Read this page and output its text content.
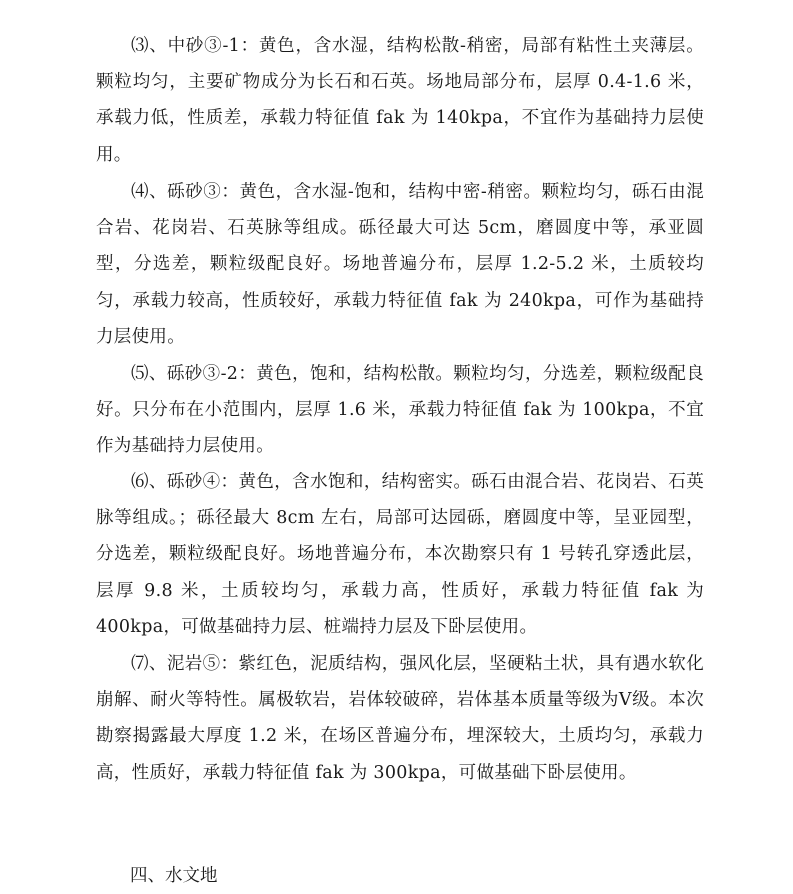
⑶、中砂③-1：黄色，含水湿，结构松散-稍密，局部有粘性土夹薄层。颗粒均匀，主要矿物成分为长石和石英。场地局部分布，层厚 0.4-1.6 米，承载力低，性质差，承载力特征值 fak 为 140kpa，不宜作为基础持力层使用。

⑷、砾砂③：黄色，含水湿-饱和，结构中密-稍密。颗粒均匀，砾石由混合岩、花岗岩、石英脉等组成。砾径最大可达 5cm，磨圆度中等，承亚圆型，分选差，颗粒级配良好。场地普遍分布，层厚 1.2-5.2 米，土质较均匀，承载力较高，性质较好，承载力特征值 fak 为 240kpa，可作为基础持力层使用。

⑸、砾砂③-2：黄色，饱和，结构松散。颗粒均匀，分选差，颗粒级配良好。只分布在小范围内，层厚 1.6 米，承载力特征值 fak 为 100kpa，不宜作为基础持力层使用。

⑹、砾砂④：黄色，含水饱和，结构密实。砾石由混合岩、花岗岩、石英脉等组成。；砾径最大 8cm 左右，局部可达园砾，磨圆度中等，呈亚园型，分选差，颗粒级配良好。场地普遍分布，本次勘察只有 1 号转孔穿透此层，层厚 9.8 米，土质较均匀，承载力高，性质好，承载力特征值 fak 为 400kpa，可做基础持力层、桩端持力层及下卧层使用。

⑺、泥岩⑤：紫红色，泥质结构，强风化层，坚硬粘土状，具有遇水软化崩解、耐火等特性。属极软岩，岩体较破碎，岩体基本质量等级为Ⅴ级。本次勘察揭露最大厚度 1.2 米，在场区普遍分布，埋深较大，土质均匀，承载力高，性质好，承载力特征值 fak 为 300kpa，可做基础下卧层使用。

四、水文地
